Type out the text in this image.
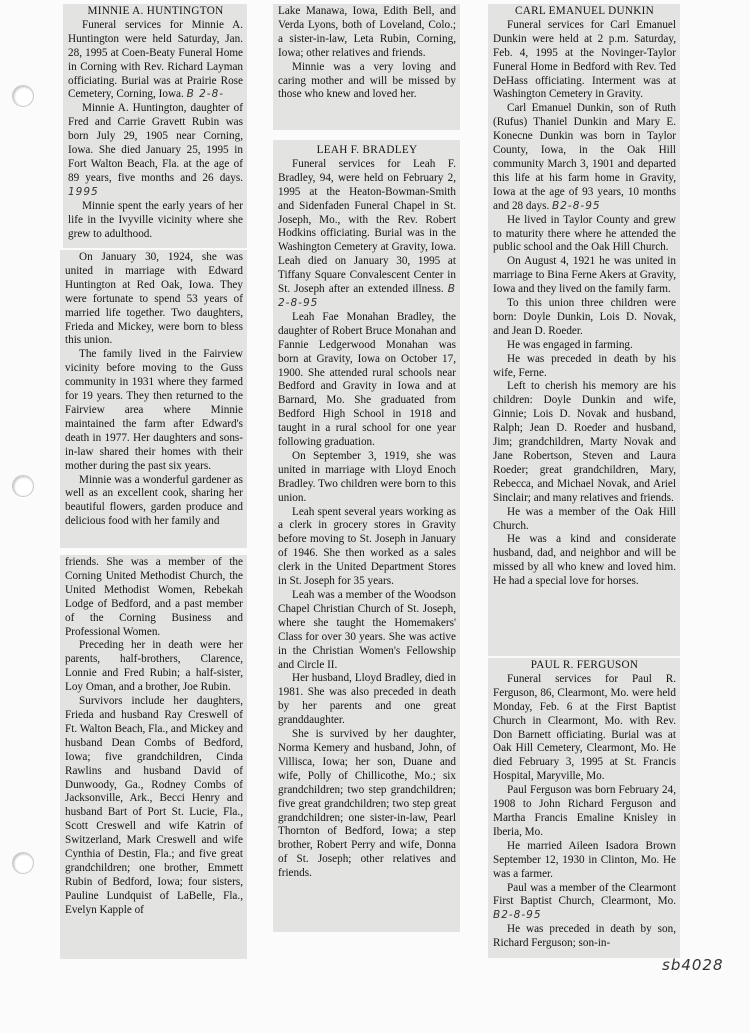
MINNIE A. HUNTINGTON

Funeral services for Minnie A. Huntington were held Saturday, Jan. 28, 1995 at Coen-Beaty Funeral Home in Corning with Rev. Richard Layman officiating. Burial was at Prairie Rose Cemetery, Corning, Iowa. B 2-8-

Minnie A. Huntington, daughter of Fred and Carrie Gravett Rubin was born July 29, 1905 near Corning, Iowa. She died January 25, 1995 in Fort Walton Beach, Fla. at the age of 89 years, five months and 26 days. 1995

Minnie spent the early years of her life in the Ivyville vicinity where she grew to adulthood.

On January 30, 1924, she was united in marriage with Edward Huntington at Red Oak, Iowa. They were fortunate to spend 53 years of married life together. Two daughters, Frieda and Mickey, were born to bless this union.

The family lived in the Fairview vicinity before moving to the Guss community in 1931 where they farmed for 19 years. They then returned to the Fairview area where Minnie maintained the farm after Edward's death in 1977. Her daughters and sons-in-law shared their homes with their mother during the past six years.

Minnie was a wonderful gardener as well as an excellent cook, sharing her beautiful flowers, garden produce and delicious food with her family and

friends. She was a member of the Corning United Methodist Church, the United Methodist Women, Rebekah Lodge of Bedford, and a past member of the Corning Business and Professional Women.

Preceding her in death were her parents, half-brothers, Clarence, Lonnie and Fred Rubin; a half-sister, Loy Oman, and a brother, Joe Rubin.

Survivors include her daughters, Frieda and husband Ray Creswell of Ft. Walton Beach, Fla., and Mickey and husband Dean Combs of Bedford, Iowa; five grandchildren, Cinda Rawlins and husband David of Dunwoody, Ga., Rodney Combs of Jacksonville, Ark., Becci Henry and husband Bart of Port St. Lucie, Fla., Scott Creswell and wife Katrin of Switzerland, Mark Creswell and wife Cynthia of Destin, Fla.; and five great grandchildren; one brother, Emmett Rubin of Bedford, Iowa; four sisters, Pauline Lundquist of LaBelle, Fla., Evelyn Kapple of

Lake Manawa, Iowa, Edith Bell, and Verda Lyons, both of Loveland, Colo.; a sister-in-law, Leta Rubin, Corning, Iowa; other relatives and friends.

Minnie was a very loving and caring mother and will be missed by those who knew and loved her.

LEAH F. BRADLEY

Funeral services for Leah F. Bradley, 94, were held on February 2, 1995 at the Heaton-Bowman-Smith and Sidenfaden Funeral Chapel in St. Joseph, Mo., with the Rev. Robert Hodkins officiating. Burial was in the Washington Cemetery at Gravity, Iowa. Leah died on January 30, 1995 at Tiffany Square Convalescent Center in St. Joseph after an extended illness. B 2-8-95

Leah Fae Monahan Bradley, the daughter of Robert Bruce Monahan and Fannie Ledgerwood Monahan was born at Gravity, Iowa on October 17, 1900. She attended rural schools near Bedford and Gravity in Iowa and at Barnard, Mo. She graduated from Bedford High School in 1918 and taught in a rural school for one year following graduation.

On September 3, 1919, she was united in marriage with Lloyd Enoch Bradley. Two children were born to this union.

Leah spent several years working as a clerk in grocery stores in Gravity before moving to St. Joseph in January of 1946. She then worked as a sales clerk in the United Department Stores in St. Joseph for 35 years.

Leah was a member of the Woodson Chapel Christian Church of St. Joseph, where she taught the Homemakers' Class for over 30 years. She was active in the Christian Women's Fellowship and Circle II.

Her husband, Lloyd Bradley, died in 1981. She was also preceded in death by her parents and one great granddaughter.

She is survived by her daughter, Norma Kemery and husband, John, of Villisca, Iowa; her son, Duane and wife, Polly of Chillicothe, Mo.; six grandchildren; two step grandchildren; five great grandchildren; two step great grandchildren; one sister-in-law, Pearl Thornton of Bedford, Iowa; a step brother, Robert Perry and wife, Donna of St. Joseph; other relatives and friends.

CARL EMANUEL DUNKIN

Funeral services for Carl Emanuel Dunkin were held at 2 p.m. Saturday, Feb. 4, 1995 at the Novinger-Taylor Funeral Home in Bedford with Rev. Ted DeHass officiating. Interment was at Washington Cemetery in Gravity.

Carl Emanuel Dunkin, son of Ruth (Rufus) Thaniel Dunkin and Mary E. Konecne Dunkin was born in Taylor County, Iowa, in the Oak Hill community March 3, 1901 and departed this life at his farm home in Gravity, Iowa at the age of 93 years, 10 months and 28 days. B2-8-95

He lived in Taylor County and grew to maturity there where he attended the public school and the Oak Hill Church.

On August 4, 1921 he was united in marriage to Bina Ferne Akers at Gravity, Iowa and they lived on the family farm.

To this union three children were born: Doyle Dunkin, Lois D. Novak, and Jean D. Roeder.

He was engaged in farming.

He was preceded in death by his wife, Ferne.

Left to cherish his memory are his children: Doyle Dunkin and wife, Ginnie; Lois D. Novak and husband, Ralph; Jean D. Roeder and husband, Jim; grandchildren, Marty Novak and Jane Robertson, Steven and Laura Roeder; great grandchildren, Mary, Rebecca, and Michael Novak, and Ariel Sinclair; and many relatives and friends.

He was a member of the Oak Hill Church.

He was a kind and considerate husband, dad, and neighbor and will be missed by all who knew and loved him. He had a special love for horses.

PAUL R. FERGUSON

Funeral services for Paul R. Ferguson, 86, Clearmont, Mo. were held Monday, Feb. 6 at the First Baptist Church in Clearmont, Mo. with Rev. Don Barnett officiating. Burial was at Oak Hill Cemetery, Clearmont, Mo. He died February 3, 1995 at St. Francis Hospital, Maryville, Mo.

Paul Ferguson was born February 24, 1908 to John Richard Ferguson and Martha Francis Emaline Knisley in Iberia, Mo.

He married Aileen Isadora Brown September 12, 1930 in Clinton, Mo. He was a farmer.

Paul was a member of the Clearmont First Baptist Church, Clearmont, Mo. B2-8-95

He was preceded in death by son, Richard Ferguson; son-in-

sb4028
